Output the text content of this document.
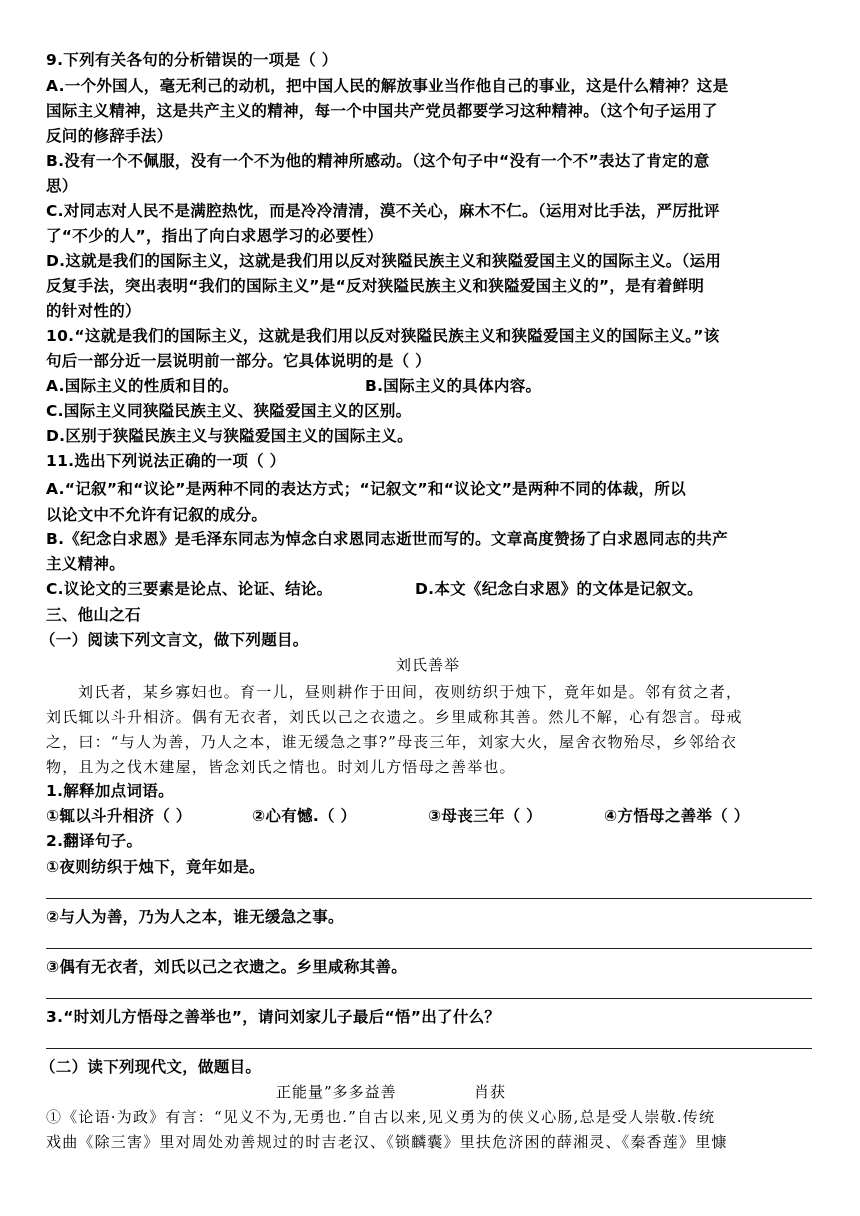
9.下列有关各句的分析错误的一项是（ ）
A.一个外国人，毫无利己的动机，把中国人民的解放事业当作他自己的事业，这是什么精神？这是
国际主义精神，这是共产主义的精神，每一个中国共产党员都要学习这种精神。（这个句子运用了
反问的修辞手法）
B.没有一个不佩服，没有一个不为他的精神所感动。（这个句子中“没有一个不”表达了肯定的意
思）
C.对同志对人民不是满腔热忱，而是冷冷清清，漠不关心，麻木不仁。（运用对比手法，严厉批评
了“不少的人”，指出了向白求恩学习的必要性）
D.这就是我们的国际主义，这就是我们用以反对狭隘民族主义和狭隘爱国主义的国际主义。（运用
反复手法，突出表明“我们的国际主义”是“反对狭隘民族主义和狭隘爱国主义的”，是有着鲜明
的针对性的）
10.“这就是我们的国际主义，这就是我们用以反对狭隘民族主义和狭隘爱国主义的国际主义。”该
句后一部分近一层说明前一部分。它具体说明的是（ ）
A.国际主义的性质和目的。	B.国际主义的具体内容。
C.国际主义同狭隘民族主义、狭隘爱国主义的区别。
D.区别于狭隘民族主义与狭隘爱国主义的国际主义。
11.选出下列说法正确的一项（ ）
A.“记叙”和“议论”是两种不同的表达方式；“记叙文”和“议论文”是两种不同的体裁，所以
以论文中不允许有记叙的成分。
B.《纪念白求恩》是毛泽东同志为悼念白求恩同志逝世而写的。文章高度赞扬了白求恩同志的共产
主义精神。
C.议论文的三要素是论点、论证、结论。	D.本文《纪念白求恩》的文体是记叙文。
三、他山之石
（一）阅读下列文言文，做下列题目。
刘氏善举
刘氏者，某乡寡妇也。育一儿，昼则耕作于田间，夜则纺织于烛下，竟年如是。邻有贫之者，
刘氏辄以斗升相济。偶有无衣者，刘氏以己之衣遗之。乡里咸称其善。然儿不解，心有怨言。母戒
之，曰：“与人为善，乃人之本，谁无缓急之事?”母丧三年，刘家大火，屋舍衣物殆尽，乡邻给衣
物，且为之伐木建屋，皆念刘氏之情也。时刘儿方悟母之善举也。
1.解释加点词语。
①辄以斗升相济（ ）	②心有憾.（ ）	③母丧三年（ ）	④方悟母之善举（ ）
2.翻译句子。
①夜则纺织于烛下，竟年如是。
②与人为善，乃为人之本，谁无缓急之事。
③偶有无衣者，刘氏以己之衣遗之。乡里咸称其善。
3.“时刘儿方悟母之善举也”，请问刘家儿子最后“悟”出了什么？
（二）读下列现代文，做题目。
正能量”多多益善	肖获
①《论语·为政》有言：“见义不为,无勇也.”自古以来,见义勇为的侠义心肠,总是受人崇敬.传统
戏曲《除三害》里对周处劝善规过的时吉老汉、《锁麟囊》里扶危济困的薛湘灵、《秦香莲》里慷
